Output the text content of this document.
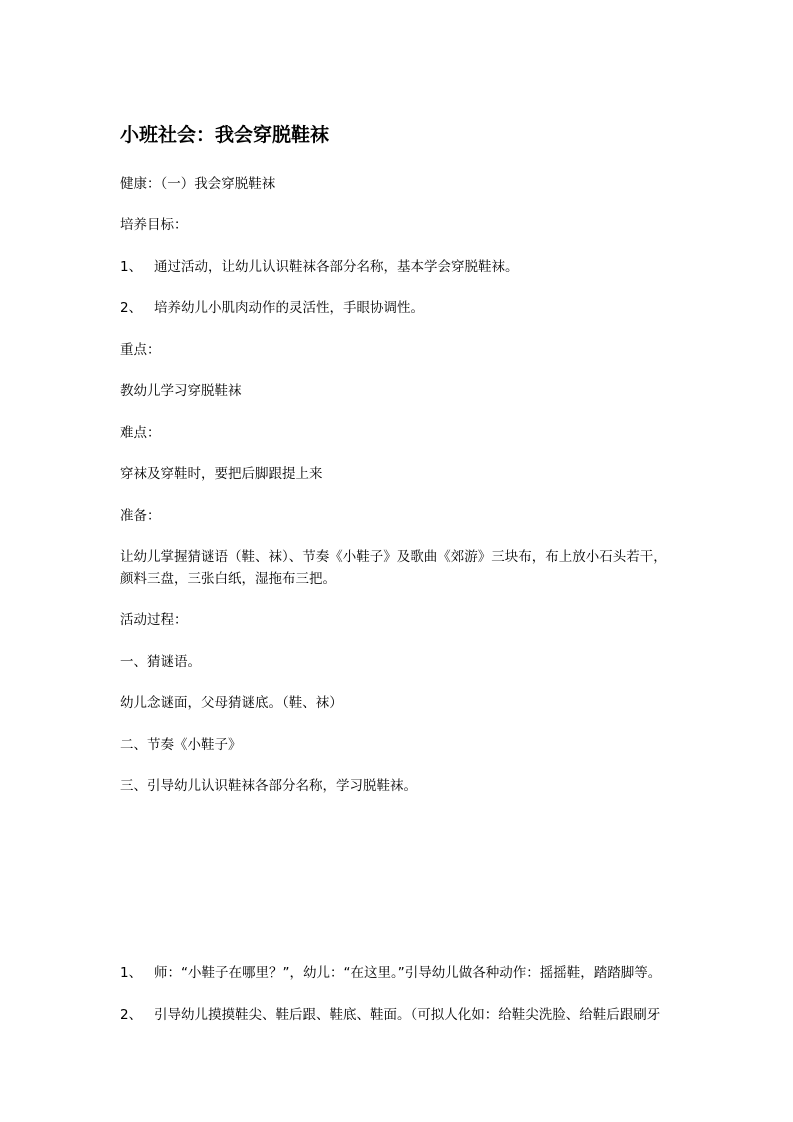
小班社会：我会穿脱鞋袜
健康：（一）我会穿脱鞋袜
培养目标：
1、 通过活动，让幼儿认识鞋袜各部分名称，基本学会穿脱鞋袜。
2、 培养幼儿小肌肉动作的灵活性，手眼协调性。
重点：
教幼儿学习穿脱鞋袜
难点：
穿袜及穿鞋时，要把后脚跟提上来
准备：
让幼儿掌握猜谜语（鞋、袜）、节奏《小鞋子》及歌曲《郊游》三块布，布上放小石头若干，
颜料三盘，三张白纸，湿拖布三把。
活动过程：
一、猜谜语。
幼儿念谜面，父母猜谜底。（鞋、袜）
二、节奏《小鞋子》
三、引导幼儿认识鞋袜各部分名称，学习脱鞋袜。
1、 师：“小鞋子在哪里？”，幼儿：“在这里。”引导幼儿做各种动作：摇摇鞋，踏踏脚等。
2、 引导幼儿摸摸鞋尖、鞋后跟、鞋底、鞋面。（可拟人化如：给鞋尖洗脸、给鞋后跟刷牙
